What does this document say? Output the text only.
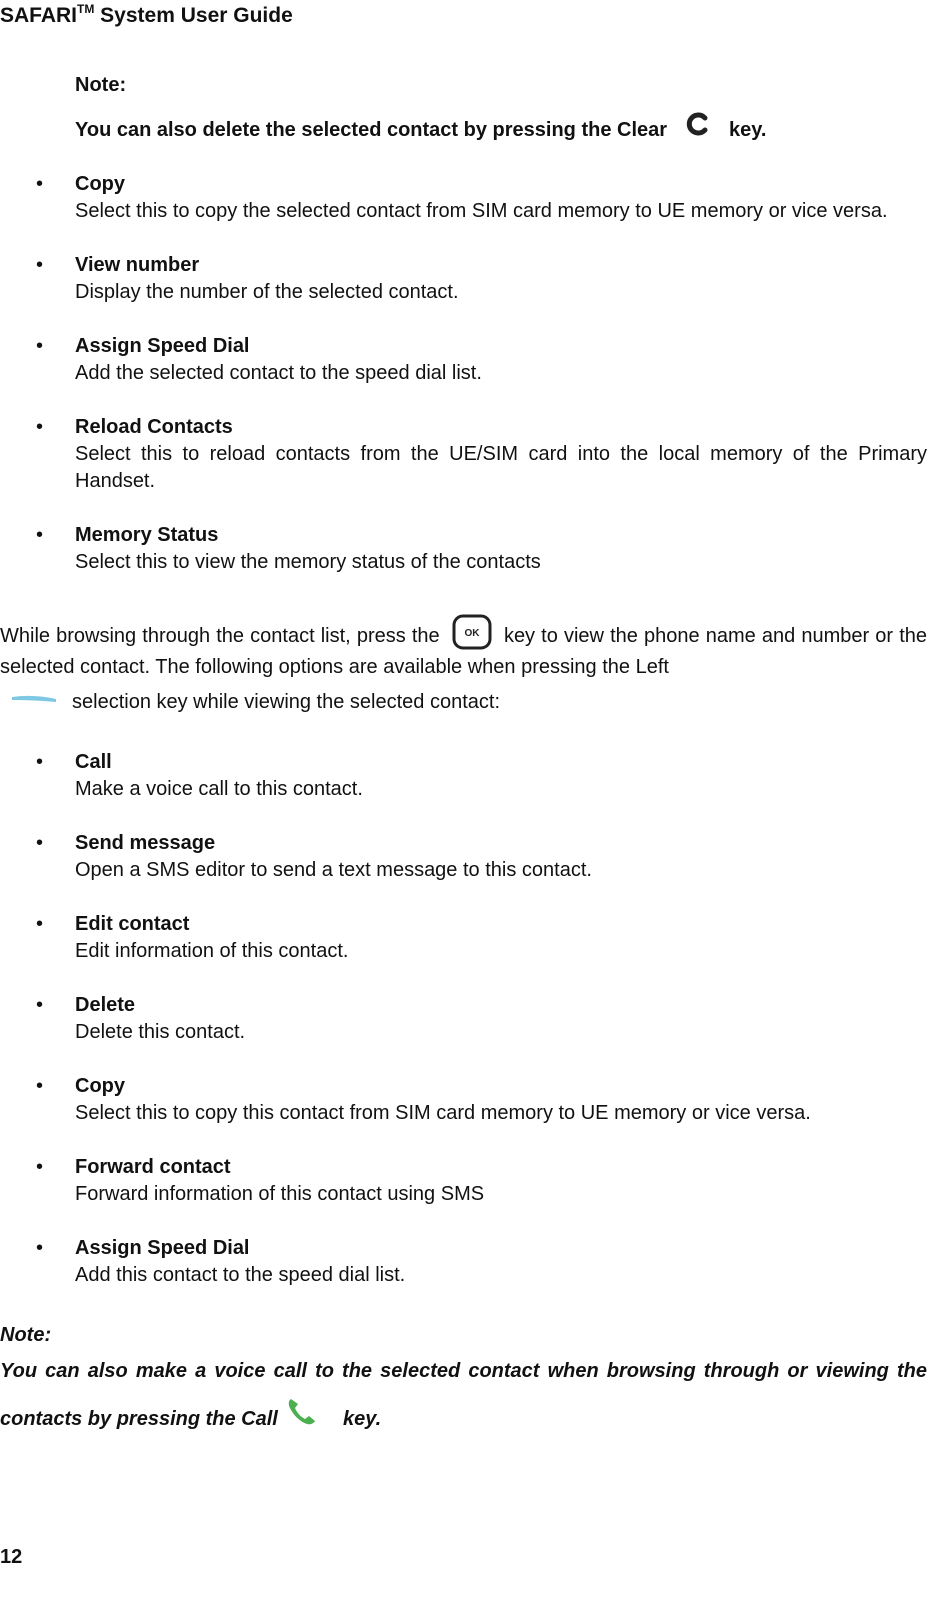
SAFARI™ System User Guide
Note:
You can also delete the selected contact by pressing the Clear	key.
• Copy
Select this to copy the selected contact from SIM card memory to UE memory or vice versa.
• View number
Display the number of the selected contact.
• Assign Speed Dial
Add the selected contact to the speed dial list.
• Reload Contacts
Select this to reload contacts from the UE/SIM card into the local memory of the Primary Handset.
• Memory Status
Select this to view the memory status of the contacts
While browsing through the contact list, press the OK key to view the phone name and number or the selected contact. The following options are available when pressing the Left
selection key while viewing the selected contact:
• Call
Make a voice call to this contact.
• Send message
Open a SMS editor to send a text message to this contact.
• Edit contact
Edit information of this contact.
• Delete
Delete this contact.
• Copy
Select this to copy this contact from SIM card memory to UE memory or vice versa.
• Forward contact
Forward information of this contact using SMS
• Assign Speed Dial
Add this contact to the speed dial list.
Note:
You can also make a voice call to the selected contact when browsing through or viewing the contacts by pressing the Call	key.
12
